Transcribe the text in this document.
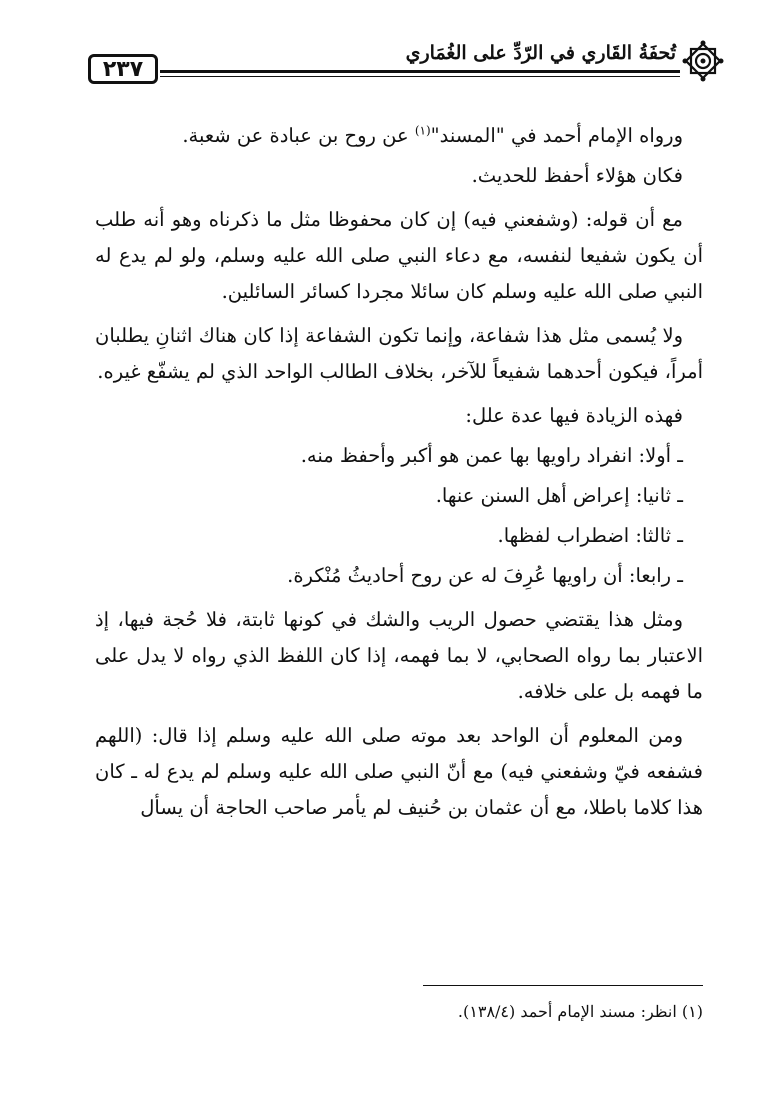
٢٣٧
تُحفَةُ القَاري في الرّدِّ على الغُمَاري

ورواه الإمام أحمد في "المسند"$^{(١)}$ عن روح بن عبادة عن شعبة.

فكان هؤلاء أحفظ للحديث.

مع أن قوله: (وشفعني فيه) إن كان محفوظا مثل ما ذكرناه وهو أنه طلب أن يكون شفيعا لنفسه، مع دعاء النبي صلى الله عليه وسلم، ولو لم يدع له النبي صلى الله عليه وسلم كان سائلا مجردا كسائر السائلين.

ولا يُسمى مثل هذا شفاعة، وإنما تكون الشفاعة إذا كان هناك اثنانِ يطلبان أمراً، فيكون أحدهما شفيعاً للآخر، بخلاف الطالب الواحد الذي لم يشفّع غيره.

فهذه الزيادة فيها عدة علل:

ـ أولا: انفراد راويها بها عمن هو أكبر وأحفظ منه.

ـ ثانيا: إعراض أهل السنن عنها.

ـ ثالثا: اضطراب لفظها.

ـ رابعا: أن راويها عُرِفَ له عن روح أحاديثُ مُنْكرة.

ومثل هذا يقتضي حصول الريب والشك في كونها ثابتة، فلا حُجة فيها، إذ الاعتبار بما رواه الصحابي، لا بما فهمه، إذا كان اللفظ الذي رواه لا يدل على ما فهمه بل على خلافه.

ومن المعلوم أن الواحد بعد موته صلى الله عليه وسلم إذا قال: (اللهم فشفعه فيّ وشفعني فيه) مع أنّ النبي صلى الله عليه وسلم لم يدع له ـ كان هذا كلاما باطلا، مع أن عثمان بن حُنيف لم يأمر صاحب الحاجة أن يسأل

(١) انظر: مسند الإمام أحمد (١٣٨/٤).
